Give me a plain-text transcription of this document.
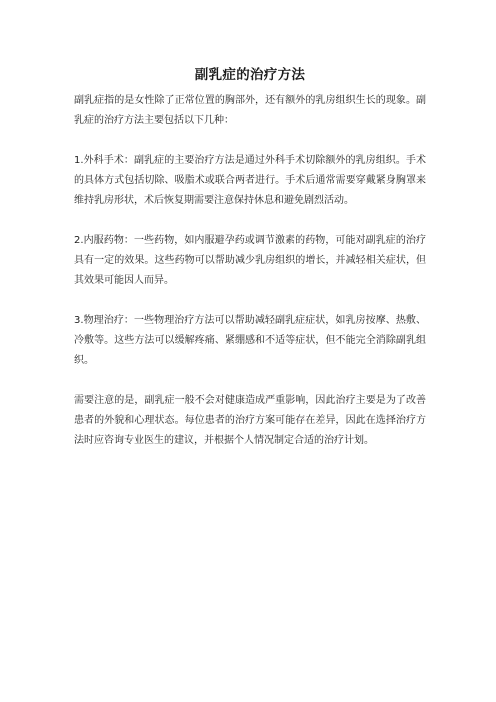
副乳症的治疗方法

副乳症指的是女性除了正常位置的胸部外，还有额外的乳房组织生长的现象。副乳症的治疗方法主要包括以下几种：

1.外科手术：副乳症的主要治疗方法是通过外科手术切除额外的乳房组织。手术的具体方式包括切除、吸脂术或联合两者进行。手术后通常需要穿戴紧身胸罩来维持乳房形状，术后恢复期需要注意保持休息和避免剧烈活动。

2.内服药物：一些药物，如内服避孕药或调节激素的药物，可能对副乳症的治疗具有一定的效果。这些药物可以帮助减少乳房组织的增长，并减轻相关症状，但其效果可能因人而异。

3.物理治疗：一些物理治疗方法可以帮助减轻副乳症症状，如乳房按摩、热敷、冷敷等。这些方法可以缓解疼痛、紧绷感和不适等症状，但不能完全消除副乳组织。

需要注意的是，副乳症一般不会对健康造成严重影响，因此治疗主要是为了改善患者的外貌和心理状态。每位患者的治疗方案可能存在差异，因此在选择治疗方法时应咨询专业医生的建议，并根据个人情况制定合适的治疗计划。
